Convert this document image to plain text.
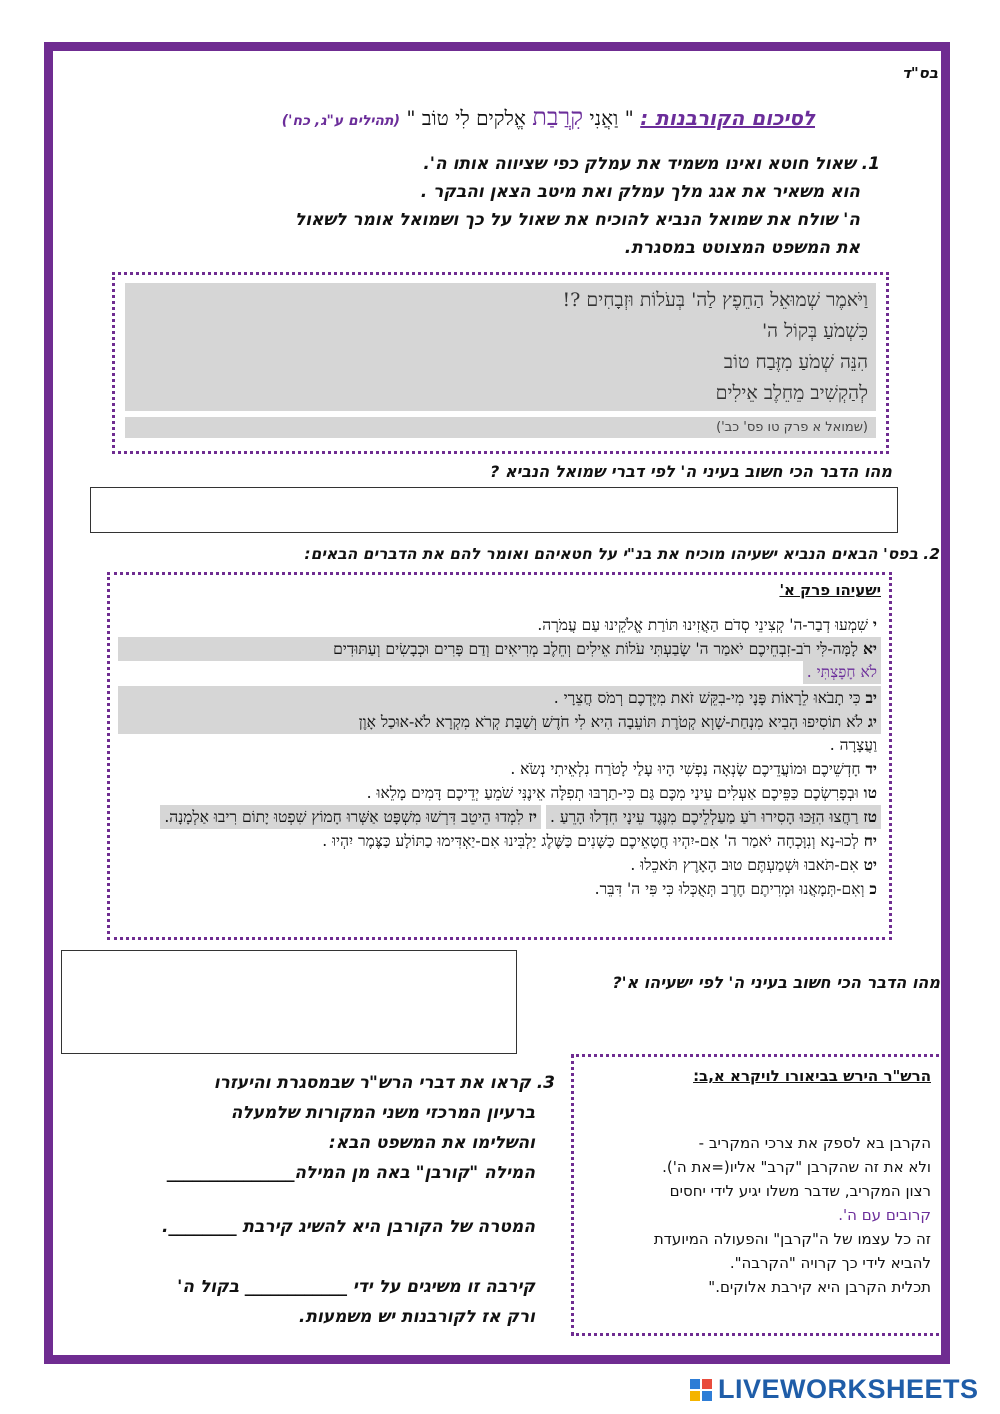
בס"ד
לסיכום הקורבנות : " וַאֲנִי קִרֲבַת אֱלקים לִי טוֹב " (תהילים ע"ג, כח')
1. שאול חוטא ואינו משמיד את עמלק כפי שציווה אותו ה'.
הוא משאיר את אגג מלך עמלק ואת מיטב הצאן והבקר .
ה' שולח את שמואל הנביא להוכיח את שאול על כך ושמואל אומר לשאול
את המשפט המצוטט במסגרת.
וַיֹּאמֶר שְׁמוּאֵל הַחֵפֶץ לַה' בְּעֹלוֹת וּזְבָחִים ?!
כִּשְׁמֹעַ בְּקוֹל ה'
הִנֵּה שְׁמֹעַ מִזֶּבַח טוֹב
לְהַקְשִׁיב מֵחֵלֶב אֵילִים
(שמואל א פרק טו פס' כב')
מהו הדבר הכי חשוב בעיני ה' לפי דברי שמואל הנביא ?
2. בפס' הבאים הנביא ישעיהו מוכיח את בנ"י על חטאיהם ואומר להם את הדברים הבאים:
ישעיהו פרק א'
י שִׁמְעוּ דְבַר-ה' קְצִינֵי סְדֹם הַאֲזִינוּ תּוֹרַת אֱלֹקֵינוּ עַם עֲמֹרָה.
יא לָמָּה-לִּי רֹב-זִבְחֵיכֶם יֹאמַר ה' שָׂבַעְתִּי עֹלוֹת אֵילִים וְחֵלֶב מְרִיאִים וְדַם פָּרִים וּכְבָשִׂים וְעַתּוּדִים
לֹא חָפָצְתִּי .
יב כִּי תָבֹאוּ לֵרָאוֹת פָּנָי מִי-בִקֵּשׁ זֹאת מִיֶּדְכֶם רְמֹס חֲצֵרָי .
יג לֹא תוֹסִיפוּ הָבִיא מִנְחַת-שָׁוְא קְטֹרֶת תּוֹעֵבָה הִיא לִי חֹדֶשׁ וְשַׁבָּת קְרֹא מִקְרָא לֹא-אוּכַל אָוֶן
וַעֲצָרָה .
יד חָדְשֵׁיכֶם וּמוֹעֲדֵיכֶם שָׂנְאָה נַפְשִׁי הָיוּ עָלַי לָטֹרַח נִלְאֵיתִי נְשֹׂא .
טו וּבְפָרִשְׂכֶם כַּפֵּיכֶם אַעְלִים עֵינַי מִכֶּם גַּם כִּי-תַרְבּוּ תְפִלָּה אֵינֶנִּי שֹׁמֵעַ יְדֵיכֶם דָּמִים מָלֵאוּ .
טז רַחֲצוּ הִזַּכּוּ הָסִירוּ רֹעַ מַעַלְלֵיכֶם מִנֶּגֶד עֵינָי חִדְלוּ הָרֵעַ . יז לִמְדוּ הֵיטֵב דִּרְשׁוּ מִשְׁפָּט אַשְּׁרוּ חָמוֹץ שִׁפְטוּ יָתוֹם רִיבוּ אַלְמָנָה.
יח לְכוּ-נָא וְנִוָּכְחָה יֹאמַר ה' אִם-יִהְיוּ חֲטָאֵיכֶם כַּשָּׁנִים כַּשֶּׁלֶג יַלְבִּינוּ אִם-יַאְדִּימוּ כַתּוֹלָע כַּצֶּמֶר יִהְיוּ .
יט אִם-תֹּאבוּ וּשְׁמַעְתֶּם טוּב הָאָרֶץ תֹּאכֵלוּ .
כ וְאִם-תְּמָאֲנוּ וּמְרִיתֶם חֶרֶב תְּאֻכְּלוּ כִּי פִּי ה' דִּבֵּר.
מהו הדבר הכי חשוב בעיני ה' לפי ישעיהו א'?
3. קראו את דברי הרש"ר שבמסגרת והיעזרו
ברעיון המרכזי משני המקורות שלמעלה
והשלימו את המשפט הבא:
המילה "קורבן" באה מן המילה_______________
המטרה של הקורבן היא להשיג קירבת ________.
קירבה זו משיגים על ידי ____________ בקול ה'
ורק אז לקורבנות יש משמעות.
הרש"ר הירש בביאורו לויקרא א,ב:
הקרבן בא לספק את צרכי המקריב -
ולא את זה שהקרבן "קרב" אליו(=את ה').
רצון המקריב, שדבר משלו יגיע לידי יחסים
קרובים עם ה'.
זה כל עצמו של ה"קרבן" והפעולה המיועדת
להביא לידי כך קרויה "הקרבה".
תכלית הקרבן היא קירבת אלוקים."
LIVEWORKSHEETS
